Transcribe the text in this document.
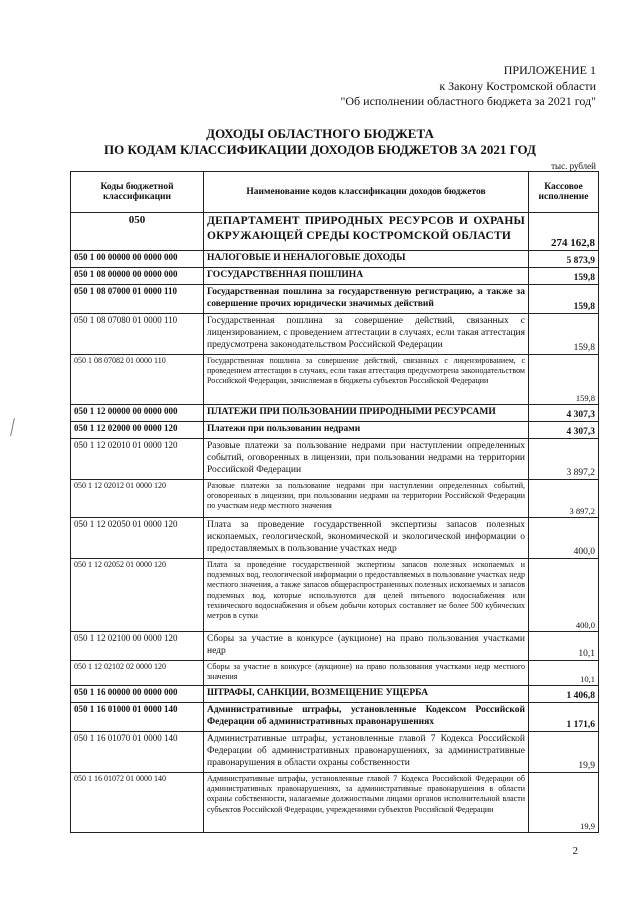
ПРИЛОЖЕНИЕ 1
к Закону Костромской области
"Об исполнении областного бюджета за 2021 год"
ДОХОДЫ ОБЛАСТНОГО БЮДЖЕТА
ПО КОДАМ КЛАССИФИКАЦИИ ДОХОДОВ БЮДЖЕТОВ ЗА 2021 ГОД
тыс. рублей
Коды бюджетной классификации	Наименование кодов классификации доходов бюджетов	Кассовое исполнение
050	ДЕПАРТАМЕНТ ПРИРОДНЫХ РЕСУРСОВ И ОХРАНЫ ОКРУЖАЮЩЕЙ СРЕДЫ КОСТРОМСКОЙ ОБЛАСТИ	274 162,8
050 1 00 00000 00 0000 000	НАЛОГОВЫЕ И НЕНАЛОГОВЫЕ ДОХОДЫ	5 873,9
050 1 08 00000 00 0000 000	ГОСУДАРСТВЕННАЯ ПОШЛИНА	159,8
050 1 08 07000 01 0000 110	Государственная пошлина за государственную регистрацию, а также за совершение прочих юридически значимых действий	159,8
050 1 08 07080 01 0000 110	Государственная пошлина за совершение действий, связанных с лицензированием, с проведением аттестации в случаях, если такая аттестация предусмотрена законодательством Российской Федерации	159,8
050 1 08 07082 01 0000 110	Государственная пошлина за совершение действий, связанных с лицензированием, с проведением аттестации в случаях, если такая аттестация предусмотрена законодательством Российской Федерации, зачисляемая в бюджеты субъектов Российской Федерации	159,8
050 1 12 00000 00 0000 000	ПЛАТЕЖИ ПРИ ПОЛЬЗОВАНИИ ПРИРОДНЫМИ РЕСУРСАМИ	4 307,3
050 1 12 02000 00 0000 120	Платежи при пользовании недрами	4 307,3
050 1 12 02010 01 0000 120	Разовые платежи за пользование недрами при наступлении определенных событий, оговоренных в лицензии, при пользовании недрами на территории Российской Федерации	3 897,2
050 1 12 02012 01 0000 120	Разовые платежи за пользование недрами при наступлении определенных событий, оговоренных в лицензии, при пользовании недрами на территории Российской Федерации по участкам недр местного значения	3 897,2
050 1 12 02050 01 0000 120	Плата за проведение государственной экспертизы запасов полезных ископаемых, геологической, экономической и экологической информации о предоставляемых в пользование участках недр	400,0
050 1 12 02052 01 0000 120	Плата за проведение государственной экспертизы запасов полезных ископаемых и подземных вод, геологической информации о предоставляемых в пользование участках недр местного значения, а также запасов общераспространенных полезных ископаемых и запасов подземных вод, которые используются для целей питьевого водоснабжения или технического водоснабжения и объем добычи которых составляет не более 500 кубических метров в сутки	400,0
050 1 12 02100 00 0000 120	Сборы за участие в конкурсе (аукционе) на право пользования участками недр	10,1
050 1 12 02102 02 0000 120	Сборы за участие в конкурсе (аукционе) на право пользования участками недр местного значения	10,1
050 1 16 00000 00 0000 000	ШТРАФЫ, САНКЦИИ, ВОЗМЕЩЕНИЕ УЩЕРБА	1 406,8
050 1 16 01000 01 0000 140	Административные штрафы, установленные Кодексом Российской Федерации об административных правонарушениях	1 171,6
050 1 16 01070 01 0000 140	Административные штрафы, установленные главой 7 Кодекса Российской Федерации об административных правонарушениях, за административные правонарушения в области охраны собственности	19,9
050 1 16 01072 01 0000 140	Административные штрафы, установленные главой 7 Кодекса Российской Федерации об административных правонарушениях, за административные правонарушения в области охраны собственности, налагаемые должностными лицами органов исполнительной власти субъектов Российской Федерации, учреждениями субъектов Российской Федерации	19,9
2
